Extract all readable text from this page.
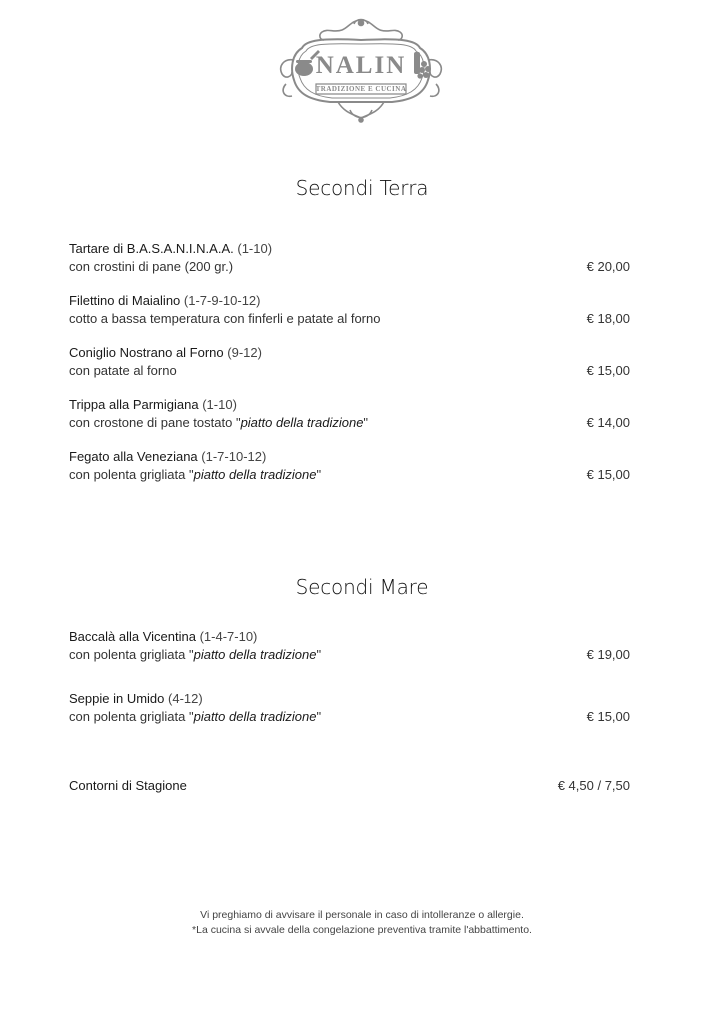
NALIN
TRADIZIONE E CUCINA
Secondi Terra
Tartare di B.A.S.A.N.I.N.A.A. (1-10)
con crostini di pane (200 gr.)	€ 20,00
Filettino di Maialino (1-7-9-10-12)
cotto a bassa temperatura con finferli e patate al forno	€ 18,00
Coniglio Nostrano al Forno (9-12)
con patate al forno	€ 15,00
Trippa alla Parmigiana (1-10)
con crostone di pane tostato "piatto della tradizione"	€ 14,00
Fegato alla Veneziana (1-7-10-12)
con polenta grigliata "piatto della tradizione"	€ 15,00
Secondi Mare
Baccalà alla Vicentina (1-4-7-10)
con polenta grigliata "piatto della tradizione"	€ 19,00
Seppie in Umido (4-12)
con polenta grigliata "piatto della tradizione"	€ 15,00
Contorni di Stagione	€ 4,50 / 7,50
Vi preghiamo di avvisare il personale in caso di intolleranze o allergie.
*La cucina si avvale della congelazione preventiva tramite l'abbattimento.
